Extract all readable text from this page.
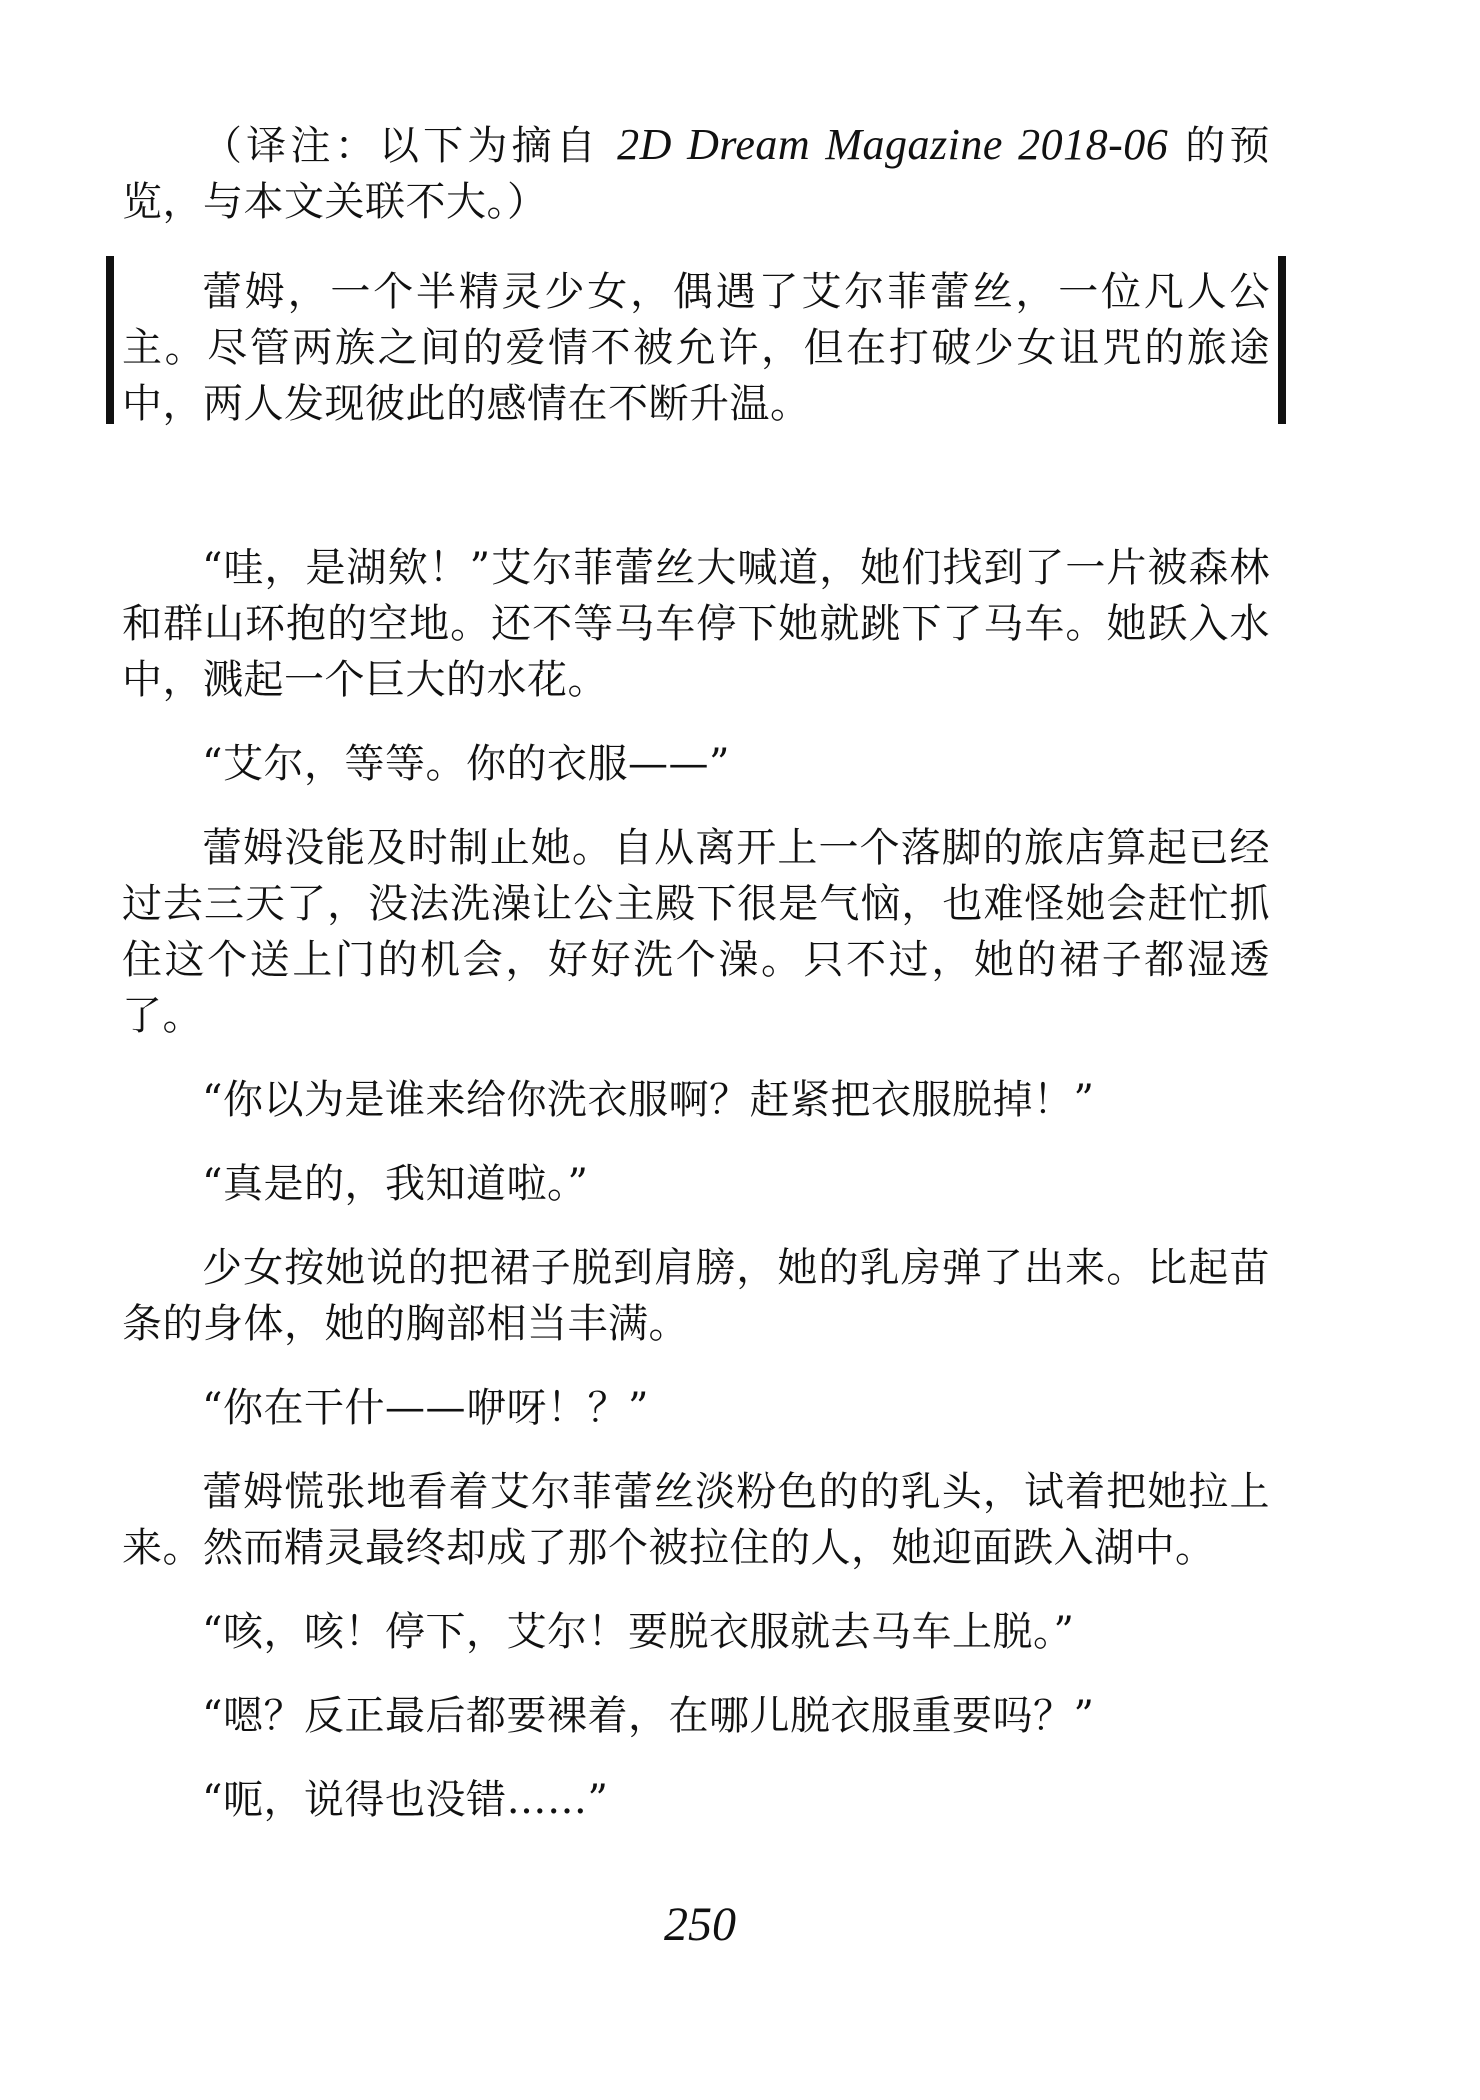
（译注：以下为摘自 2D Dream Magazine 2018-06 的预览，与本文关联不大。）

蕾姆，一个半精灵少女，偶遇了艾尔菲蕾丝，一位凡人公主。尽管两族之间的爱情不被允许，但在打破少女诅咒的旅途中，两人发现彼此的感情在不断升温。

“哇，是湖欸！”艾尔菲蕾丝大喊道，她们找到了一片被森林和群山环抱的空地。还不等马车停下她就跳下了马车。她跃入水中，溅起一个巨大的水花。

“艾尔，等等。你的衣服——”

蕾姆没能及时制止她。自从离开上一个落脚的旅店算起已经过去三天了，没法洗澡让公主殿下很是气恼，也难怪她会赶忙抓住这个送上门的机会，好好洗个澡。只不过，她的裙子都湿透了。

“你以为是谁来给你洗衣服啊？赶紧把衣服脱掉！”

“真是的，我知道啦。”

少女按她说的把裙子脱到肩膀，她的乳房弹了出来。比起苗条的身体，她的胸部相当丰满。

“你在干什——咿呀！？”

蕾姆慌张地看着艾尔菲蕾丝淡粉色的的乳头，试着把她拉上来。然而精灵最终却成了那个被拉住的人，她迎面跌入湖中。

“咳，咳！停下，艾尔！要脱衣服就去马车上脱。”

“嗯？反正最后都要裸着，在哪儿脱衣服重要吗？”

“呃，说得也没错……”

250
